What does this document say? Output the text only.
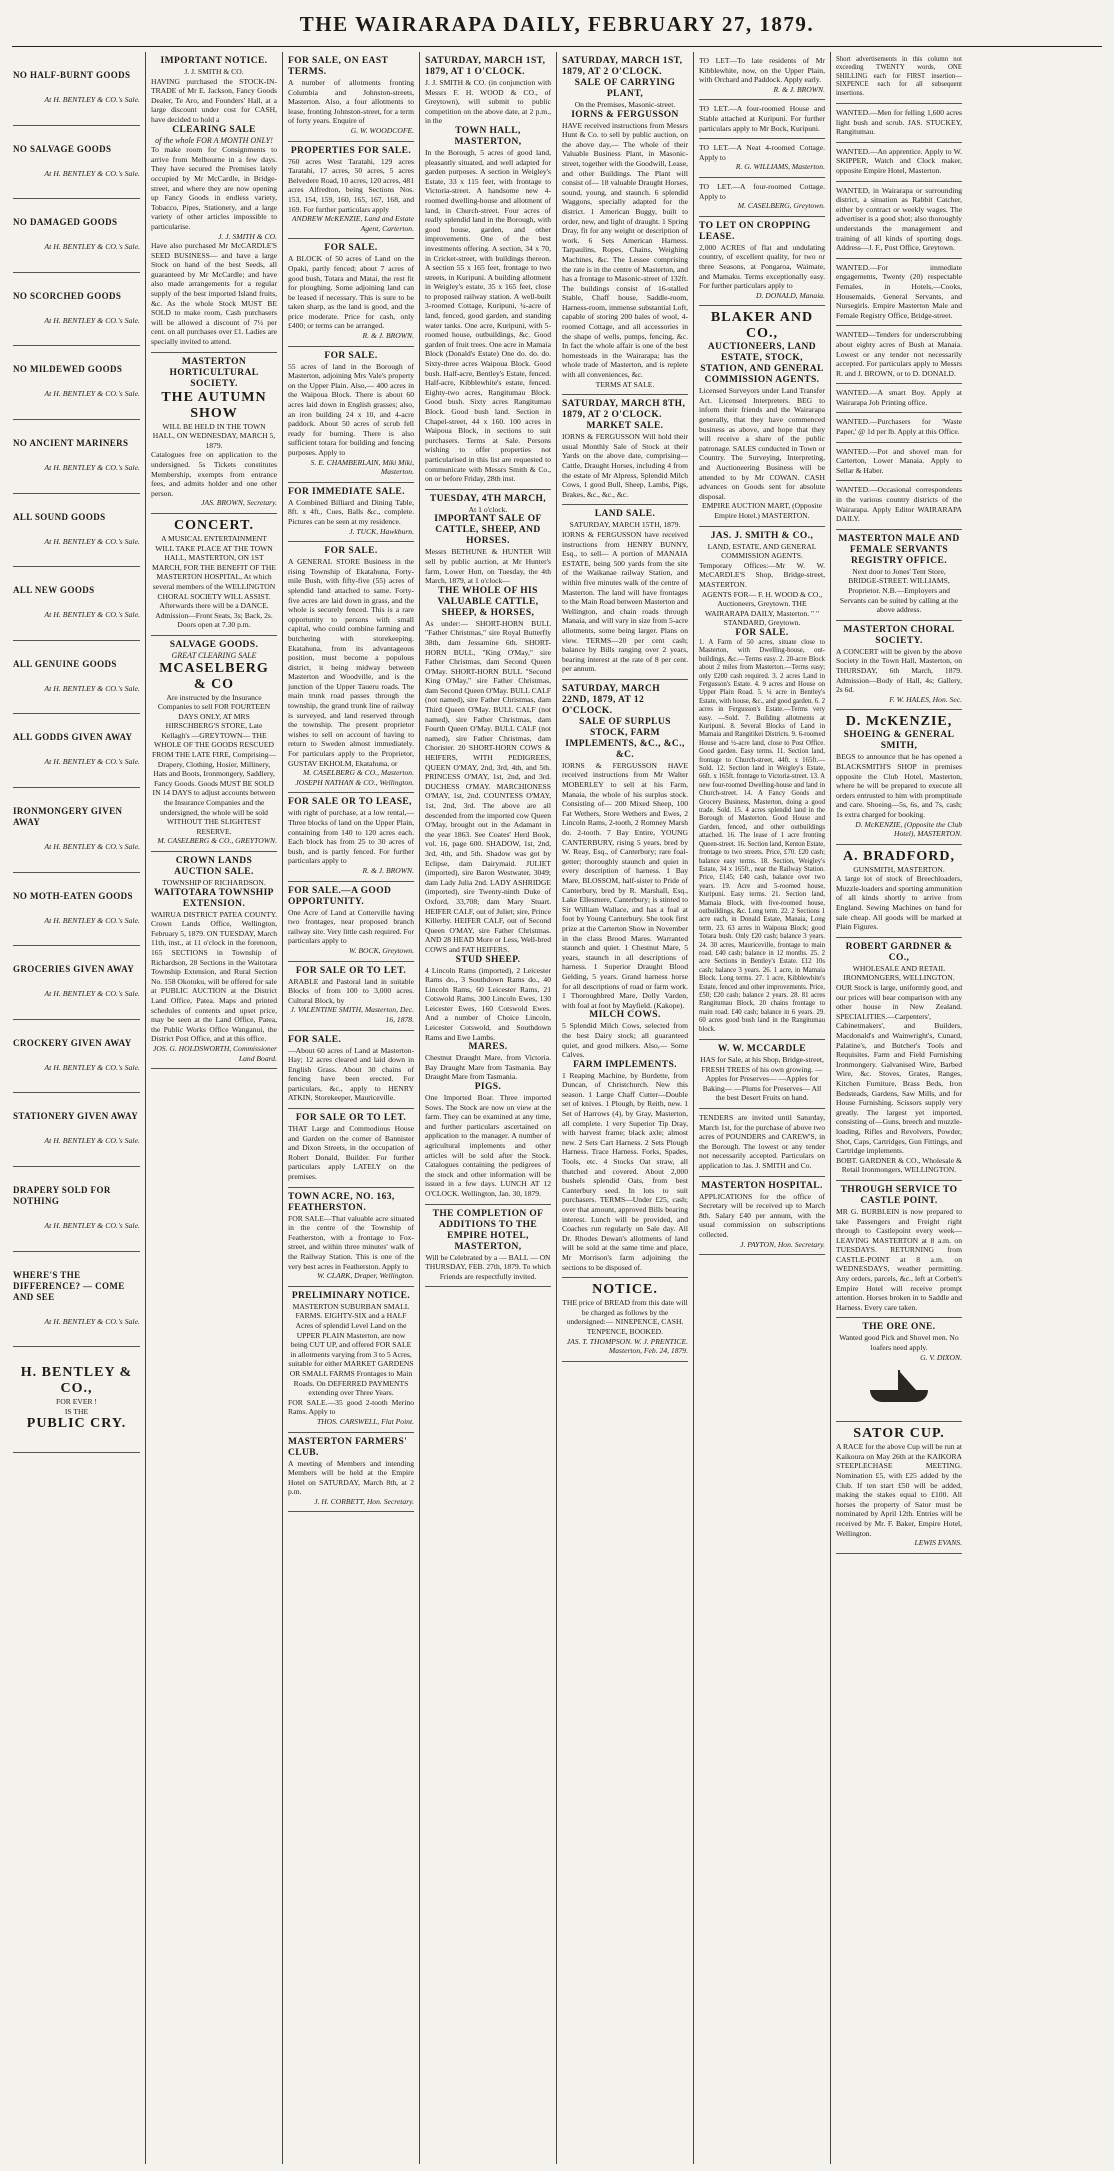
THE WAIRARAPA DAILY, FEBRUARY 27, 1879.
NO HALF-BURNT GOODS
At H. BENTLEY & CO.'s Sale.
NO SALVAGE GOODS
At H. BENTLEY & CO.'s Sale.
NO DAMAGED GOODS
At H. BENTLEY & CO.'s Sale.
NO SCORCHED GOODS
At H. BENTLEY & CO.'s Sale.
NO MILDEWED GOODS
At H. BENTLEY & CO.'s Sale.
NO ANCIENT MARINERS
At H. BENTLEY & CO.'s Sale.
ALL SOUND GOODS
At H. BENTLEY & CO.'s Sale.
ALL NEW GOODS
At H. BENTLEY & CO.'s Sale.
ALL GENUINE GOODS
At H. BENTLEY & CO.'s Sale.
ALL GODDS GIVEN AWAY
At H. BENTLEY & CO.'s Sale.
IRONMONGERY GIVEN AWAY
At H. BENTLEY & CO.'s Sale.
NO MOTH-EATEN GOODS
At H. BENTLEY & CO.'s Sale.
GROCERIES GIVEN AWAY
At H. BENTLEY & CO.'s Sale.
CROCKERY GIVEN AWAY
At H. BENTLEY & CO.'s Sale.
STATIONERY GIVEN AWAY
At H. BENTLEY & CO.'s Sale.
DRAPERY SOLD FOR NOTHING
At H. BENTLEY & CO.'s Sale.
WHERE'S THE DIFFERENCE? — COME AND SEE
At H. BENTLEY & CO.'s Sale.
H. BENTLEY & CO.,
FOR EVER !
IS THE
PUBLIC CRY.
IMPORTANT NOTICE.
J. J. SMITH & CO.
HAVING purchased the STOCK-IN-TRADE of Mr E. Jackson, Fancy Goods Dealer, Te Aro, and Founders' Hall, at a large discount under cost for CASH, have decided to hold a
CLEARING SALE
of the whole FOR A MONTH ONLY!
To make room for Consignments to arrive from Melbourne in a few days. They have secured the Premises lately occupied by Mr McCardle, in Bridge-street, and where they are now opening up Fancy Goods in endless variety, Tobacco, Pipes, Stationery, and a large variety of other articles impossible to particularise.
J. J. SMITH & CO.
Have also purchased Mr McCARDLE'S SEED BUSINESS— and have a large Stock on hand of the best Seeds, all guaranteed by Mr McCardle; and have also made arrangements for a regular supply of the best imported Island fruits, &c. As the whole Stock MUST BE SOLD to make room, Cash purchasers will be allowed a discount of 7½ per cent. on all purchases over £1. Ladies are specially invited to attend.
MASTERTON HORTICULTURAL SOCIETY.
THE AUTUMN SHOW
WILL BE HELD IN THE TOWN HALL, ON WEDNESDAY, MARCH 5, 1879.
Catalogues free on application to the undersigned. 5s Tickets constitutes Membership, exempts from entrance fees, and admits holder and one other person.
JAS. BROWN, Secretary.
CONCERT.
A MUSICAL ENTERTAINMENT WILL TAKE PLACE AT THE TOWN HALL, MASTERTON, ON 1ST MARCH, FOR THE BENEFIT OF THE MASTERTON HOSPITAL, At which several members of the WELLINGTON CHORAL SOCIETY WILL ASSIST. Afterwards there will be a DANCE. Admission—Front Seats, 3s; Back, 2s. Doors open at 7.30 p.m.
SALVAGE GOODS.
GREAT CLEARING SALE
MCASELBERG & CO
Are instructed by the Insurance Companies to sell FOR FOURTEEN DAYS ONLY, AT MRS HIRSCHBERG'S STORE, Late Kellagh's —GREYTOWN— THE WHOLE OF THE GOODS RESCUED FROM THE LATE FIRE, Comprising— Drapery, Clothing, Hosier, Millinery, Hats and Boots, Ironmongery, Saddlery, Fancy Goods. Goods MUST BE SOLD IN 14 DAYS to adjust accounts between the Insurance Companies and the undersigned, the whole will be sold WITHOUT THE SLIGHTEST RESERVE.
M. CASELBERG & CO., GREYTOWN.
CROWN LANDS AUCTION SALE.
TOWNSHIP OF RICHARDSON.
WAITOTARA TOWNSHIP EXTENSION.
WAIRUA DISTRICT PATEA COUNTY. Crown Lands Office, Wellington, February 5, 1879. ON TUESDAY, March 11th, inst., at 11 o'clock in the forenoon, 165 SECTIONS in Township of Richardson, 28 Sections in the Waitotara Township Extension, and Rural Section No. 158 Okotuku, will be offered for sale at PUBLIC AUCTION at the District Land Office, Patea. Maps and printed schedules of contents and upset price, may be seen at the Land Office, Patea, the Public Works Office Wanganui, the District Post Office, and at this office.
JOS. G. HOLDSWORTH, Commissioner Land Board.
FOR SALE, ON EAST TERMS.
A number of allotments fronting Columbia and Johnston-streets, Masterton. Also, a four allotments to lease, fronting Johnston-street, for a term of forty years. Enquire of
G. W. WOODCOFE.
PROPERTIES FOR SALE.
760 acres West Taratahi, 129 acres Taratahi, 17 acres, 50 acres, 5 acres Belvedere Road, 10 acres, 120 acres, 481 acres Alfredton, being Sections Nos. 153, 154, 159, 160, 165, 167, 168, and 169. For further particulars apply
ANDREW McKENZIE, Land and Estate Agent, Carterton.
FOR SALE.
A BLOCK of 50 acres of Land on the Opaki, partly fenced; about 7 acres of good bush, Totara and Matai, the rest fit for ploughing. Some adjoining land can be leased if necessary. This is sure to be taken sharp, as the land is good, and the price moderate. Price for cash, only £400; or terms can be arranged.
R. & J. BROWN.
FOR SALE.
55 acres of land in the Borough of Masterton, adjoining Mrs Vale's property on the Upper Plain. Also,— 400 acres in the Waipoua Block. There is about 60 acres laid down in English grasses; also, an iron building 24 x 10, and 4-acre paddock. About 50 acres of scrub fell ready for burning. There is also sufficient totara for building and fencing purposes. Apply to
S. E. CHAMBERLAIN, Miki Miki, Masterton.
FOR IMMEDIATE SALE.
A Combined Billiard and Dining Table, 8ft. x 4ft., Cues, Balls &c., complete. Pictures can be seen at my residence.
J. TUCK, Hawkburn.
FOR SALE.
A GENERAL STORE Business in the rising Township of Ekatahuna, Forty-mile Bush, with fifty-five (55) acres of splendid land attached to same. Forty-five acres are laid down in grass, and the whole is securely fenced. This is a rare opportunity to persons with small capital, who could combine farming and butchering with storekeeping. Ekatahuna, from its advantageous position, must become a populous district, it being midway between Masterton and Woodville, and is the junction of the Upper Taueru roads. The main trunk road passes through the township, the grand trunk line of railway is surveyed, and land reserved through the township. The present proprietor wishes to sell on account of having to return to Sweden almost immediately. For particulars apply to the Proprietor, GUSTAV EKHOLM, Ekatahuna, or
M. CASELBERG & CO., Masterton. JOSEPH NATHAN & CO., Wellington.
FOR SALE OR TO LEASE,
with right of purchase, at a low rental,— Three blocks of land on the Upper Plain, containing from 140 to 120 acres each. Each block has from 25 to 30 acres of bush, and is partly fenced. For further particulars apply to
R. & J. BROWN.
FOR SALE.—A GOOD OPPORTUNITY.
One Acre of Land at Cotterville having two frontages, near proposed branch railway site. Very little cash required. For particulars apply to
W. BOCK, Greytown.
FOR SALE OR TO LET.
ARABLE and Pastoral land in suitable Blocks of from 100 to 3,000 acres. Cultural Block, by
J. VALENTINE SMITH, Masterton, Dec. 16, 1878.
FOR SALE.
—About 60 acres of Land at Masterton-Hay; 12 acres cleared and laid down in English Grass. About 30 chains of fencing have been erected. For particulars, &c., apply to HENRY ATKIN, Storekeeper, Mauriceville.
FOR SALE OR TO LET.
THAT Large and Commodious House and Garden on the corner of Bannister and Dixon Streets, in the occupation of Robert Donald, Builder. For further particulars apply LATELY on the premises.
TOWN ACRE, NO. 163, FEATHERSTON.
FOR SALE—That valuable acre situated in the centre of the Township of Featherston, with a frontage to Fox-street, and within three minutes' walk of the Railway Station. This is one of the very best acres in Featherston. Apply to
W. CLARK, Draper, Wellington.
PRELIMINARY NOTICE.
MASTERTON SUBURBAN SMALL FARMS. EIGHTY-SIX and a HALF Acres of splendid Level Land on the UPPER PLAIN Masterton, are now being CUT UP, and offered FOR SALE in allotments varying from 3 to 5 Acres, suitable for either MARKET GARDENS OR SMALL FARMS Frontages to Main Roads. On DEFERRED PAYMENTS extending over Three Years.
FOR SALE.—35 good 2-tooth Merino Rams. Apply to
THOS. CARSWELL, Flat Point.
MASTERTON FARMERS' CLUB.
A meeting of Members and intending Members will be held at the Empire Hotel on SATURDAY, March 8th, at 2 p.m.
J. H. CORBETT, Hon. Secretary.
SATURDAY, MARCH 1ST, 1879, AT 1 O'CLOCK.
J. J. SMITH & CO. (in conjunction with Messrs F. H. WOOD & CO., of Greytown), will submit to public competition on the above date, at 2 p.m., in the
TOWN HALL, MASTERTON,
In the Borough, 5 acres of good land, pleasantly situated, and well adapted for garden purposes. A section in Weigley's Estate, 33 x 115 feet, with frontage to Victoria-street. A handsome new 4-roomed dwelling-house and allotment of land, in Church-street. Four acres of really splendid land in the Borough, with good house, garden, and other improvements. One of the best investments offering. A section, 34 x 70, in Cricket-street, with buildings thereon. A section 55 x 165 feet, frontage to two streets, in Kuripuni. A building allotment in Weigley's estate, 35 x 165 feet, close to proposed railway station. A well-built 3-roomed Cottage, Kuripuni, ¼-acre of land, fenced, good garden, and standing water tanks. One acre, Kuripuni, with 5-roomed house, outbuildings, &c. Good garden of fruit trees. One acre in Mamaia Block (Donald's Estate) One do. do. do. Sixty-three acres Waipoua Block. Good bush. Half-acre, Bentley's Estate, fenced. Half-acre, Kibblewhite's estate, fenced. Eighty-two acres, Rangitumau Block. Good bush. Sixty acres Rangitumau Block. Good bush land. Section in Chapel-street, 44 x 160. 100 acres in Waipoua Block, in sections to suit purchasers. Terms at Sale. Persons wishing to offer properties not particularised in this list are requested to communicate with Messrs Smith & Co., on or before Friday, 28th inst.
TUESDAY, 4TH MARCH,
At 1 o'clock.
IMPORTANT SALE OF CATTLE, SHEEP, AND HORSES.
Messrs BETHUNE & HUNTER Will sell by public auction, at Mr Hunter's farm, Lower Hutt, on Tuesday, the 4th March, 1879, at 1 o'clock—
THE WHOLE OF HIS VALUABLE CATTLE, SHEEP, & HORSES,
As under:— SHORT-HORN BULL "Father Christmas," sire Royal Butterfly 38th, dam Jessamine 6th. SHORT-HORN BULL, "King O'May," sire Father Christmas, dam Second Queen O'May. SHORT-HORN BULL "Second King O'May," sire Father Christmas, dam Second Queen O'May. BULL CALF (not named), sire Father Christmas, dam Third Queen O'May. BULL CALF (not named), sire Father Christmas, dam Fourth Queen O'May. BULL CALF (not named), sire Father Christmas, dam Chorister. 20 SHORT-HORN COWS & HEIFERS, WITH PEDIGREES, QUEEN O'MAY, 2nd, 3rd, 4th, and 5th. PRINCESS O'MAY, 1st, 2nd, and 3rd. DUCHESS O'MAY. MARCHIONESS O'MAY, 1st, 2nd. COUNTESS O'MAY, 1st, 2nd, 3rd. The above are all descended from the imported cow Queen O'May, brought out in the Adamant in the year 1863. See Coates' Herd Book, vol. 16, page 600. SHADOW, 1st, 2nd, 3rd, 4th, and 5th. Shadow was got by Eclipse, dam Dairymaid. JULIET (imported), sire Baron Westwater, 3049; dam Lady Julia 2nd. LADY ASHRIDGE (imported), sire Twenty-ninth Duke of Oxford, 33,708; dam Mary Stuart. HEIFER CALF, out of Juliet; sire, Prince Killerby. HEIFER CALF, out of Second Queen O'MAY, sire Father Christmas. AND 28 HEAD More or Less, Well-bred COWS and FAT HEIFERS.
STUD SHEEP.
4 Lincoln Rams (imported), 2 Leicester Rams do., 3 Southdown Rams do., 40 Lincoln Rams, 60 Leicester Rams, 21 Cotswold Rams, 300 Lincoln Ewes, 130 Leicester Ewes, 160 Cotswold Ewes. And a number of Choice Lincoln, Leicester Cotswold, and Southdown Rams and Ewe Lambs.
MARES.
Chestnut Draught Mare, from Victoria. Bay Draught Mare from Tasmania. Bay Draught Mare from Tasmania.
PIGS.
One Imported Boar. Three imported Sows. The Stock are now on view at the farm. They can be examined at any time, and further particulars ascertained on application to the manager. A number of agricultural implements and other articles will be sold after the Stock. Catalogues containing the pedigrees of the stock and other information will be issued in a few days. LUNCH AT 12 O'CLOCK. Wellington, Jan. 30, 1879.
THE COMPLETION OF ADDITIONS TO THE EMPIRE HOTEL, MASTERTON,
Will be Celebrated by a — BALL — ON THURSDAY, FEB. 27th, 1879. To which Friends are respectfully invited.
SATURDAY, MARCH 1ST, 1879, AT 2 O'CLOCK.
SALE OF CARRYING PLANT,
On the Premises, Masonic-street.
IORNS & FERGUSSON
HAVE received instructions from Messrs Hunt & Co. to sell by public auction, on the above day,— The whole of their Valuable Business Plant, in Masonic-street, together with the Goodwill, Lease, and other Buildings. The Plant will consist of— 18 valuable Draught Horses, sound, young, and staunch. 6 splendid Waggons, specially adapted for the district. 1 American Buggy, built to order, new, and light of draught. 1 Spring Dray, fit for any weight or description of work. 6 Sets American Harness. Tarpaulins, Ropes, Chains, Weighing Machines, &c. The Lessee comprising the rate is in the centre of Masterton, and has a frontage to Masonic-street of 132ft. The buildings consist of 16-stalled Stable, Chaff house, Saddle-room, Harness-room, immense substantial Loft, capable of storing 200 bales of wool, 4-roomed Cottage, and all accessories in the shape of wells, pumps, fencing, &c. In fact the whole affair is one of the best homesteads in the Wairarapa; has the whole trade of Masterton, and is replete with all conveniences, &c.
TERMS AT SALE.
SATURDAY, MARCH 8TH, 1879, AT 2 O'CLOCK.
MARKET SALE.
IORNS & FERGUSSON Will hold their usual Monthly Sale of Stock at their Yards on the above date, comprising— Cattle, Draught Horses, including 4 from the estate of Mr Alpress, Splendid Milch Cows, 1 good Bull, Sheep, Lambs, Pigs, Brakes, &c., &c., &c.
LAND SALE.
SATURDAY, MARCH 15TH, 1879.
IORNS & FERGUSSON have received instructions from HENRY BUNNY, Esq., to sell— A portion of MANAIA ESTATE, being 500 yards from the site of the Waikanae railway Station, and within five minutes walk of the centre of Masterton. The land will have frontages to the Main Road between Masterton and Wellington, and chain roads through Manaia, and will vary in size from 5-acre allotments, some being larger. Plans on view. TERMS—20 per cent cash; balance by Bills ranging over 2 years, bearing interest at the rate of 8 per cent. per annum.
SATURDAY, MARCH 22ND, 1879, AT 12 O'CLOCK.
SALE OF SURPLUS STOCK, FARM IMPLEMENTS, &C., &C., &C.
IORNS & FERGUSSON HAVE received instructions from Mr Walter MOBERLEY to sell at his Farm, Manaia, the whole of his surplus stock. Consisting of— 200 Mixed Sheep, 100 Fat Wethers, Store Wethers and Ewes, 2 Lincoln Rams, 2-tooth, 2 Romney Marsh do. 2-tooth. 7 Bay Entire, YOUNG CANTERBURY, rising 5 years, bred by W. Reay, Esq., of Canterbury; rare foal-getter; thoroughly staunch and quiet in every description of harness. 1 Bay Mare, BLOSSOM, half-sister to Pride of Canterbury, bred by R. Marshall, Esq., Lake Ellesmere, Canterbury; is stinted to Sir William Wallace, and has a foal at foot by Young Canterbury. She took first prize at the Carterton Show in November in the class Brood Mares. Warranted staunch and quiet. 1 Chestnut Mare, 5 years, staunch in all descriptions of harness. 1 Superior Draught Blood Gelding, 5 years. Grand harness horse for all descriptions of road or farm work. 1 Thoroughbred Mare, Dolly Varden, with foal at foot by Mayfield. (Kakope).
MILCH COWS.
5 Splendid Milch Cows, selected from the best Dairy stock; all guaranteed quiet, and good milkers. Also,— Some Calves.
FARM IMPLEMENTS.
1 Reaping Machine, by Burdette, from Duncan, of Christchurch. New this season. 1 Large Chaff Cutter—Double set of knives. 1 Plough, by Reith, new. 1 Set of Harrows (4), by Gray, Masterton, all complete. 1 very Superior Tip Dray, with harvest frame; black axle; almost new. 2 Sets Cart Harness. 2 Sets Plough Harness. Trace Harness. Forks, Spades, Tools, etc. 4 Stocks Oat straw, all thatched and covered. About 2,000 bushels splendid Oats, from best Canterbury seed. In lots to suit purchasers. TERMS—Under £25, cash; over that amount, approved Bills bearing interest. Lunch will be provided, and Coaches run regularly on Sale day. All Dr. Rhodes Dewan's allotments of land will be sold at the same time and place, Mr Morrison's farm adjoining the sections to be disposed of.
NOTICE.
THE price of BREAD from this date will be charged as follows by the undersigned:— NINEPENCE, CASH. TENPENCE, BOOKED.
JAS. T. THOMPSON. W. J. PRENTICE. Masterton, Feb. 24, 1879.
TO LET—To late residents of Mr Kibblewhite, now, on the Upper Plain, with Orchard and Paddock. Apply early.
R. & J. BROWN.
TO LET.—A four-roomed House and Stable attached at Kuripuni. For further particulars apply to Mr Bock, Kuripuni.
TO LET.—A Neat 4-roomed Cottage. Apply to
R. G. WILLIAMS, Masterton.
TO LET.—A four-roomed Cottage. Apply to
M. CASELBERG, Greytown.
TO LET ON CROPPING LEASE.
2,000 ACRES of flat and undulating country, of excellent quality, for two or three Seasons, at Pongaroa, Waimate, and Mamaku. Terms exceptionally easy. For further particulars apply to
D. DONALD, Manaia.
BLAKER AND CO.,
AUCTIONEERS, LAND ESTATE, STOCK, STATION, AND GENERAL COMMISSION AGENTS.
Licensed Surveyors under Land Transfer Act. Licensed Interpreters. BEG to inform their friends and the Wairarapa generally, that they have commenced business as above, and hope that they will receive a share of the public patronage. SALES conducted in Town or Country. The Surveying, Interpreting, and Auctioneering Business will be attended to by Mr COWAN. CASH advances on Goods sent for absolute disposal.
EMPIRE AUCTION MART, (Opposite Empire Hotel.) MASTERTON.
JAS. J. SMITH & CO.,
LAND, ESTATE, AND GENERAL COMMISSION AGENTS.
Temporary Offices:—Mr W. W. McCARDLE'S Shop, Bridge-street, MASTERTON.
AGENTS FOR— F. H. WOOD & CO., Auctioneers, Greytown. THE WAIRARAPA DAILY, Masterton. " " STANDARD, Greytown.
FOR SALE.
1. A Farm of 50 acres, situate close to Masterton, with Dwelling-house, out-buildings, &c.—Terms easy. 2. 20-acre Block about 2 miles from Masterton.—Terms easy; only £200 cash required. 3. 2 acres Land in Fergusson's Estate. 4. 9 acres and House on Upper Plain Road. 5. ¼ acre in Bentley's Estate, with house, &c., and good garden. 6. 2 acres in Fergusson's Estate.—Terms very easy. —Sold. 7. Building allotments at Kuripuni. 8. Several Blocks of Land in Mamaia and Rangitikei Districts. 9. 6-roomed House and ½-acre land, close to Post Office. Good garden. Easy terms. 11. Section land, frontage to Church-street, 44ft. x 165ft.—Sold. 12. Section land in Weigley's Estate, 66ft. x 165ft. frontage to Victoria-street. 13. A new four-roomed Dwelling-house and land in Church-street. 14. A Fancy Goods and Grocery Business, Masterton, doing a good trade. Sold. 15. 4 acres splendid land in the Borough of Masterton. Good House and Garden, fenced, and other outbuildings attached. 16. The lease of 1 acre fronting Queen-street. 16. Section land, Kenton Estate, frontage to two streets. Price, £70. £20 cash; balance easy terms. 18. Section, Weigley's Estate, 34 x 165ft., near the Railway Station. Price, £145; £40 cash, balance over two years. 19. Acre and 5-roomed house, Kuripuni. Easy terms. 21. Section land, Mamaia Block, with five-roomed house, outbuildings, &c. Long term. 22. 2 Sections 1 acre each, in Donald Estate, Manaia, Long term. 23. 63 acres in Waipoua Block; good Totara bush. Only £20 cash; balance 3 years. 24. 30 acres, Mauriceville, frontage to main road. £40 cash; balance in 12 months. 25. 2 acre Sections in Bentley's Estate. £12 10s cash; balance 3 years. 26. 1 acre, in Mamaia Block. Long terms. 27. 1 acre, Kibblewhite's Estate, fenced and other improvements. Price, £50; £20 cash; balance 2 years. 28. 81 acres Rangitumau Block, 20 chains frontage to main road. £40 cash; balance in 6 years. 29. 60 acres good bush land in the Rangitumau block.
W. W. MCCARDLE
HAS for Sale, at his Shop, Bridge-street, FRESH TREES of his own growing. —Apples for Preserves— —Apples for Baking— —Plums for Preserves— All the best Desert Fruits on hand.
TENDERS are invited until Saturday, March 1st, for the purchase of above two acres of POUNDERS and CAREW'S, in the Borough. The lowest or any tender not necessarily accepted. Particulars on application to Jas. J. SMITH and Co.
MASTERTON HOSPITAL.
APPLICATIONS for the office of Secretary will be received up to March 8th. Salary £40 per annum, with the usual commission on subscriptions collected.
J. PAYTON, Hon. Secretary.
Short advertisements in this column not exceeding TWENTY words, ONE SHILLING each for FIRST insertion—SIXPENCE each for all subsequent insertions.
WANTED.—Men for felling 1,600 acres light bush and scrub. JAS. STUCKEY, Rangitumau.
WANTED.—An apprentice. Apply to W. SKIPPER, Watch and Clock maker, opposite Empire Hotel, Masterton.
WANTED, in Wairarapa or surrounding district, a situation as Rabbit Catcher, either by contract or weekly wages. The advertiser is a good shot; also thoroughly understands the management and training of all kinds of sporting dogs. Address—J. F., Post Office, Greytown.
WANTED.—For immediate engagements, Twenty (20) respectable Females, in Hotels,—Cooks, Housemaids, General Servants, and Nursegirls. Empire Masterton Male and Female Registry Office, Bridge-street.
WANTED—Tenders for underscrubbing about eighty acres of Bush at Manaia. Lowest or any tender not necessarily accepted. For particulars apply to Messrs R. and J. BROWN, or to D. DONALD.
WANTED.—A smart Boy. Apply at Wairarapa Job Printing office.
WANTED.—Purchasers for 'Waste Paper,' @ 1d per lb. Apply at this Office.
WANTED.—Pot and shovel man for Carterton, Lower Manaia. Apply to Sellar & Haber.
WANTED.—Occasional correspondents in the various country districts of the Wairarapa. Apply Editor WAIRARAPA DAILY.
MASTERTON MALE AND FEMALE SERVANTS REGISTRY OFFICE.
Next door to Jones' Tent Store, BRIDGE-STREET. WILLIAMS, Proprietor. N.B.—Employers and Servants can be suited by calling at the above address.
MASTERTON CHORAL SOCIETY.
A CONCERT will be given by the above Society in the Town Hall, Masterton, on THURSDAY, 6th March, 1879. Admission—Body of Hall, 4s; Gallery, 2s 6d.
F. W. HALES, Hon. Sec.
D. McKENZIE,
SHOEING & GENERAL SMITH,
BEGS to announce that he has opened a BLACKSMITH'S SHOP in premises opposite the Club Hotel, Masterton, where he will be prepared to execute all orders entrusted to him with promptitude and care. Shoeing—5s, 6s, and 7s, cash; 1s extra charged for booking.
D. McKENZIE, (Opposite the Club Hotel), MASTERTON.
A. BRADFORD,
GUNSMITH, MASTERTON.
A large lot of stock of Breechloaders, Muzzle-loaders and sporting ammunition of all kinds shortly to arrive from England. Sewing Machines on hand for sale cheap. All goods will be marked at Plain Figures.
ROBERT GARDNER & CO.,
WHOLESALE AND RETAIL IRONMONGERS, WELLINGTON.
OUR Stock is large, uniformly good, and our prices will bear comparison with any other house in New Zealand. SPECIALITIES.—Carpenters', Cabinetmakers', and Builders, Macdonald's and Wainwright's, Cunard, Palatine's, and Butcher's Tools and Requisites. Farm and Field Furnishing Ironmongery. Galvanised Wire, Barbed Wire, &c. Stoves, Grates, Ranges, Kitchen Furniture, Brass Beds, Iron Bedsteads, Gardens, Saw Mills, and for House Furnishing. Scissors supply very greatly. The largest yet imported, consisting of—Guns, breech and muzzle-loading, Rifles and Revolvers, Powder, Shot, Caps, Cartridges, Gun Fittings, and Cartridge implements.
BOBT. GARDNER & CO., Wholesale & Retail Ironmongers, WELLINGTON.
THROUGH SERVICE TO CASTLE POINT.
MR G. BURBLEIN is now prepared to take Passengers and Freight right through to Castlepoint every week— LEAVING MASTERTON at 8 a.m. on TUESDAYS. RETURNING from CASTLE-POINT at 8 a.m. on WEDNESDAYS, weather permitting. Any orders, parcels, &c., left at Corbett's Empire Hotel will receive prompt attention. Horses broken in to Saddle and Harness. Every care taken.
THE ORE ONE.
Wanted good Pick and Shovel men. No loafers need apply.
G. V. DIXON.
SATOR CUP.
A RACE for the above Cup will be run at Kaikoura on May 26th at the KAIKORA STEEPLECHASE MEETING. Nomination £5, with £25 added by the Club. If ten start £50 will be added, making the stakes equal to £100. All horses the property of Sator must be nominated by April 12th. Entries will be received by Mr. F. Baker, Empire Hotel, Wellington.
LEWIS EVANS.
